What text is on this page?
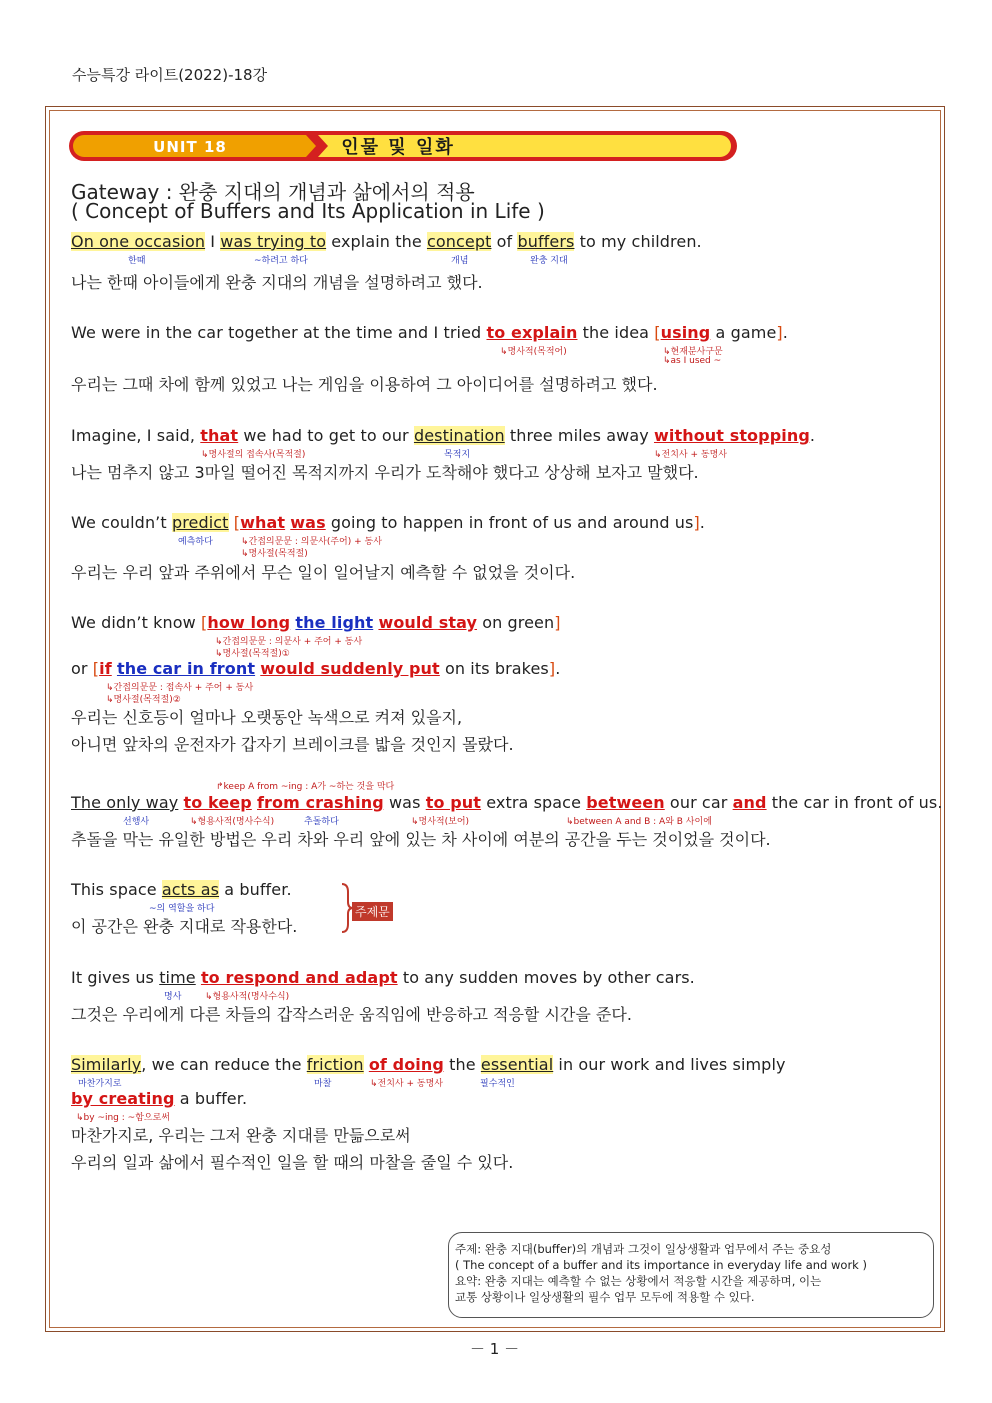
수능특강 라이트(2022)-18강
UNIT 18	인물 및 일화
Gateway : 완충 지대의 개념과 삶에서의 적용
( Concept of Buffers and Its Application in Life )
On one occasion I was trying to explain the concept of buffers to my children.
한때	~하려고 하다	개념	완충 지대
나는 한때 아이들에게 완충 지대의 개념을 설명하려고 했다.
We were in the car together at the time and I tried to explain the idea [using a game].
↳명사적(목적어)	↳현재분사구문
↳as I used ~
우리는 그때 차에 함께 있었고 나는 게임을 이용하여 그 아이디어를 설명하려고 했다.
Imagine, I said, that we had to get to our destination three miles away without stopping.
↳명사절의 접속사(목적절)	목적지	↳전치사 + 동명사
나는 멈추지 않고 3마일 떨어진 목적지까지 우리가 도착해야 했다고 상상해 보자고 말했다.
We couldn’t predict [what was going to happen in front of us and around us].
예측하다	↳간접의문문 : 의문사(주어) + 동사
↳명사절(목적절)
우리는 우리 앞과 주위에서 무슨 일이 일어날지 예측할 수 없었을 것이다.
We didn’t know [how long the light would stay on green]
↳간접의문문 : 의문사 + 주어 + 동사
↳명사절(목적절)①
or [if the car in front would suddenly put on its brakes].
↳간접의문문 : 접속사 + 주어 + 동사
↳명사절(목적절)②
우리는 신호등이 얼마나 오랫동안 녹색으로 켜져 있을지,
아니면 앞차의 운전자가 갑자기 브레이크를 밟을 것인지 몰랐다.
↱keep A from ~ing : A가 ~하는 것을 막다
The only way to keep from crashing was to put extra space between our car and the car in front of us.
선행사	↳형용사적(명사수식)	추돌하다	↳명사적(보어)	↳between A and B : A와 B 사이에
추돌을 막는 유일한 방법은 우리 차와 우리 앞에 있는 차 사이에 여분의 공간을 두는 것이었을 것이다.
This space acts as a buffer.
~의 역할을 하다
이 공간은 완충 지대로 작용한다.
주제문
It gives us time to respond and adapt to any sudden moves by other cars.
명사	↳형용사적(명사수식)
그것은 우리에게 다른 차들의 갑작스러운 움직임에 반응하고 적응할 시간을 준다.
Similarly, we can reduce the friction of doing the essential in our work and lives simply
마찬가지로	마찰	↳전치사 + 동명사	필수적인
by creating a buffer.
↳by ~ing : ~함으로써
마찬가지로, 우리는 그저 완충 지대를 만듦으로써
우리의 일과 삶에서 필수적인 일을 할 때의 마찰을 줄일 수 있다.
주제: 완충 지대(buffer)의 개념과 그것이 일상생활과 업무에서 주는 중요성
( The concept of a buffer and its importance in everyday life and work )
요약: 완충 지대는 예측할 수 없는 상황에서 적응할 시간을 제공하며, 이는
교통 상황이나 일상생활의 필수 업무 모두에 적용할 수 있다.
－ 1 －
